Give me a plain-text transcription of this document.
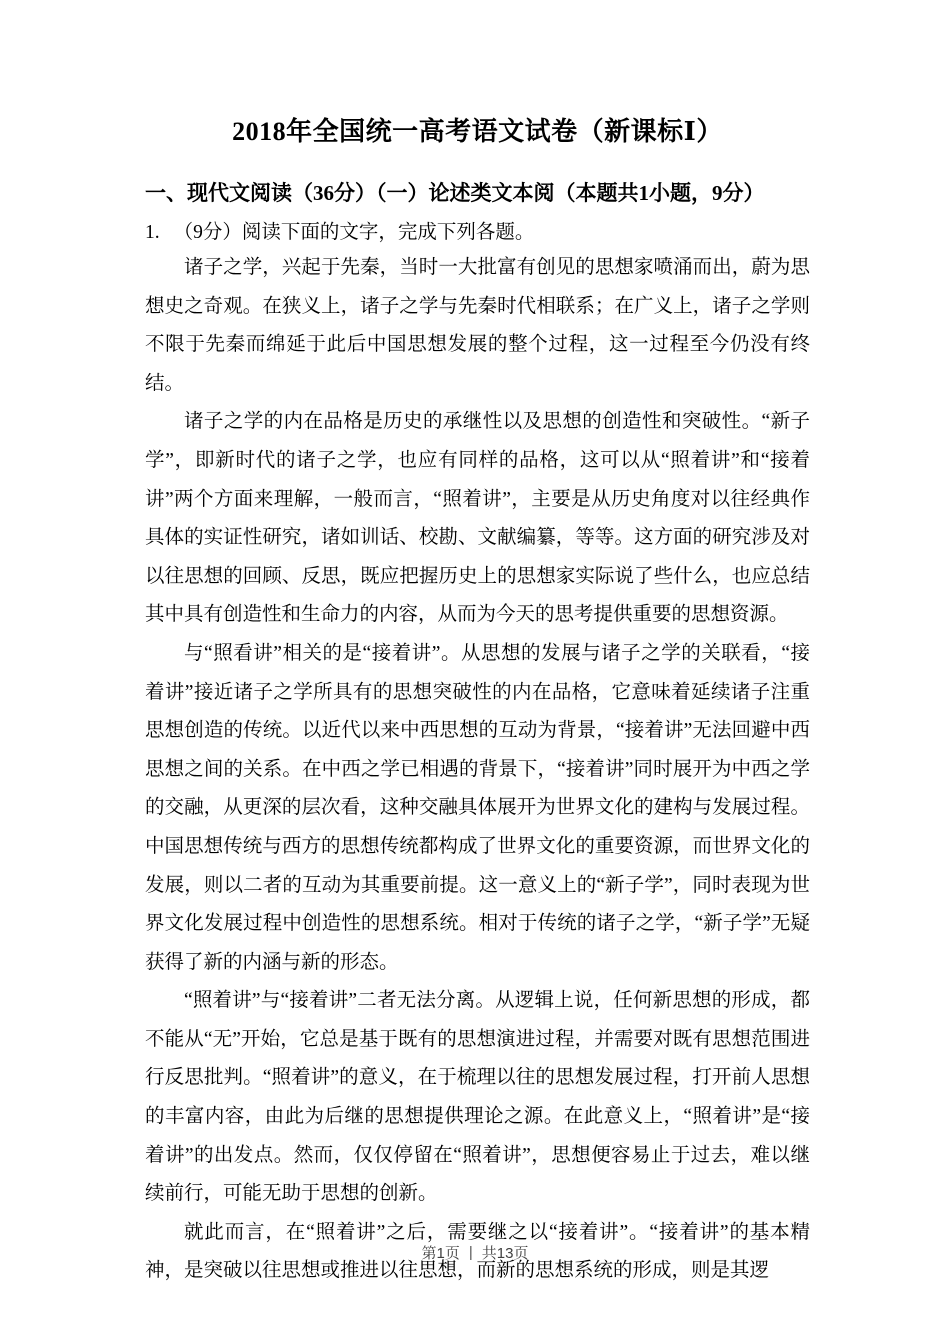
2018年全国统一高考语文试卷（新课标Ⅰ）
一、现代文阅读（36分）（一）论述类文本阅（本题共1小题，9分）
1. （9分）阅读下面的文字，完成下列各题。

诸子之学，兴起于先秦，当时一大批富有创见的思想家喷涌而出，蔚为思想史之奇观。在狭义上，诸子之学与先秦时代相联系；在广义上，诸子之学则不限于先秦而绵延于此后中国思想发展的整个过程，这一过程至今仍没有终结。

诸子之学的内在品格是历史的承继性以及思想的创造性和突破性。“新子学”，即新时代的诸子之学，也应有同样的品格，这可以从“照着讲”和“接着讲”两个方面来理解，一般而言，“照着讲”，主要是从历史角度对以往经典作具体的实证性研究，诸如训话、校勘、文献编纂，等等。这方面的研究涉及对以往思想的回顾、反思，既应把握历史上的思想家实际说了些什么，也应总结其中具有创造性和生命力的内容，从而为今天的思考提供重要的思想资源。

与“照看讲”相关的是“接着讲”。从思想的发展与诸子之学的关联看，“接着讲”接近诸子之学所具有的思想突破性的内在品格，它意味着延续诸子注重思想创造的传统。以近代以来中西思想的互动为背景，“接着讲”无法回避中西思想之间的关系。在中西之学已相遇的背景下，“接着讲”同时展开为中西之学的交融，从更深的层次看，这种交融具体展开为世界文化的建构与发展过程。中国思想传统与西方的思想传统都构成了世界文化的重要资源，而世界文化的发展，则以二者的互动为其重要前提。这一意义上的“新子学”，同时表现为世界文化发展过程中创造性的思想系统。相对于传统的诸子之学，“新子学”无疑获得了新的内涵与新的形态。

“照着讲”与“接着讲”二者无法分离。从逻辑上说，任何新思想的形成，都不能从“无”开始，它总是基于既有的思想演进过程，并需要对既有思想范围进行反思批判。“照着讲”的意义，在于梳理以往的思想发展过程，打开前人思想的丰富内容，由此为后继的思想提供理论之源。在此意义上，“照着讲”是“接着讲”的出发点。然而，仅仅停留在“照着讲”，思想便容易止于过去，难以继续前行，可能无助于思想的创新。

就此而言，在“照着讲”之后，需要继之以“接着讲”。“接着讲”的基本精神，是突破以往思想或推进以往思想，而新的思想系统的形成，则是其逻

第1页 | 共13页
